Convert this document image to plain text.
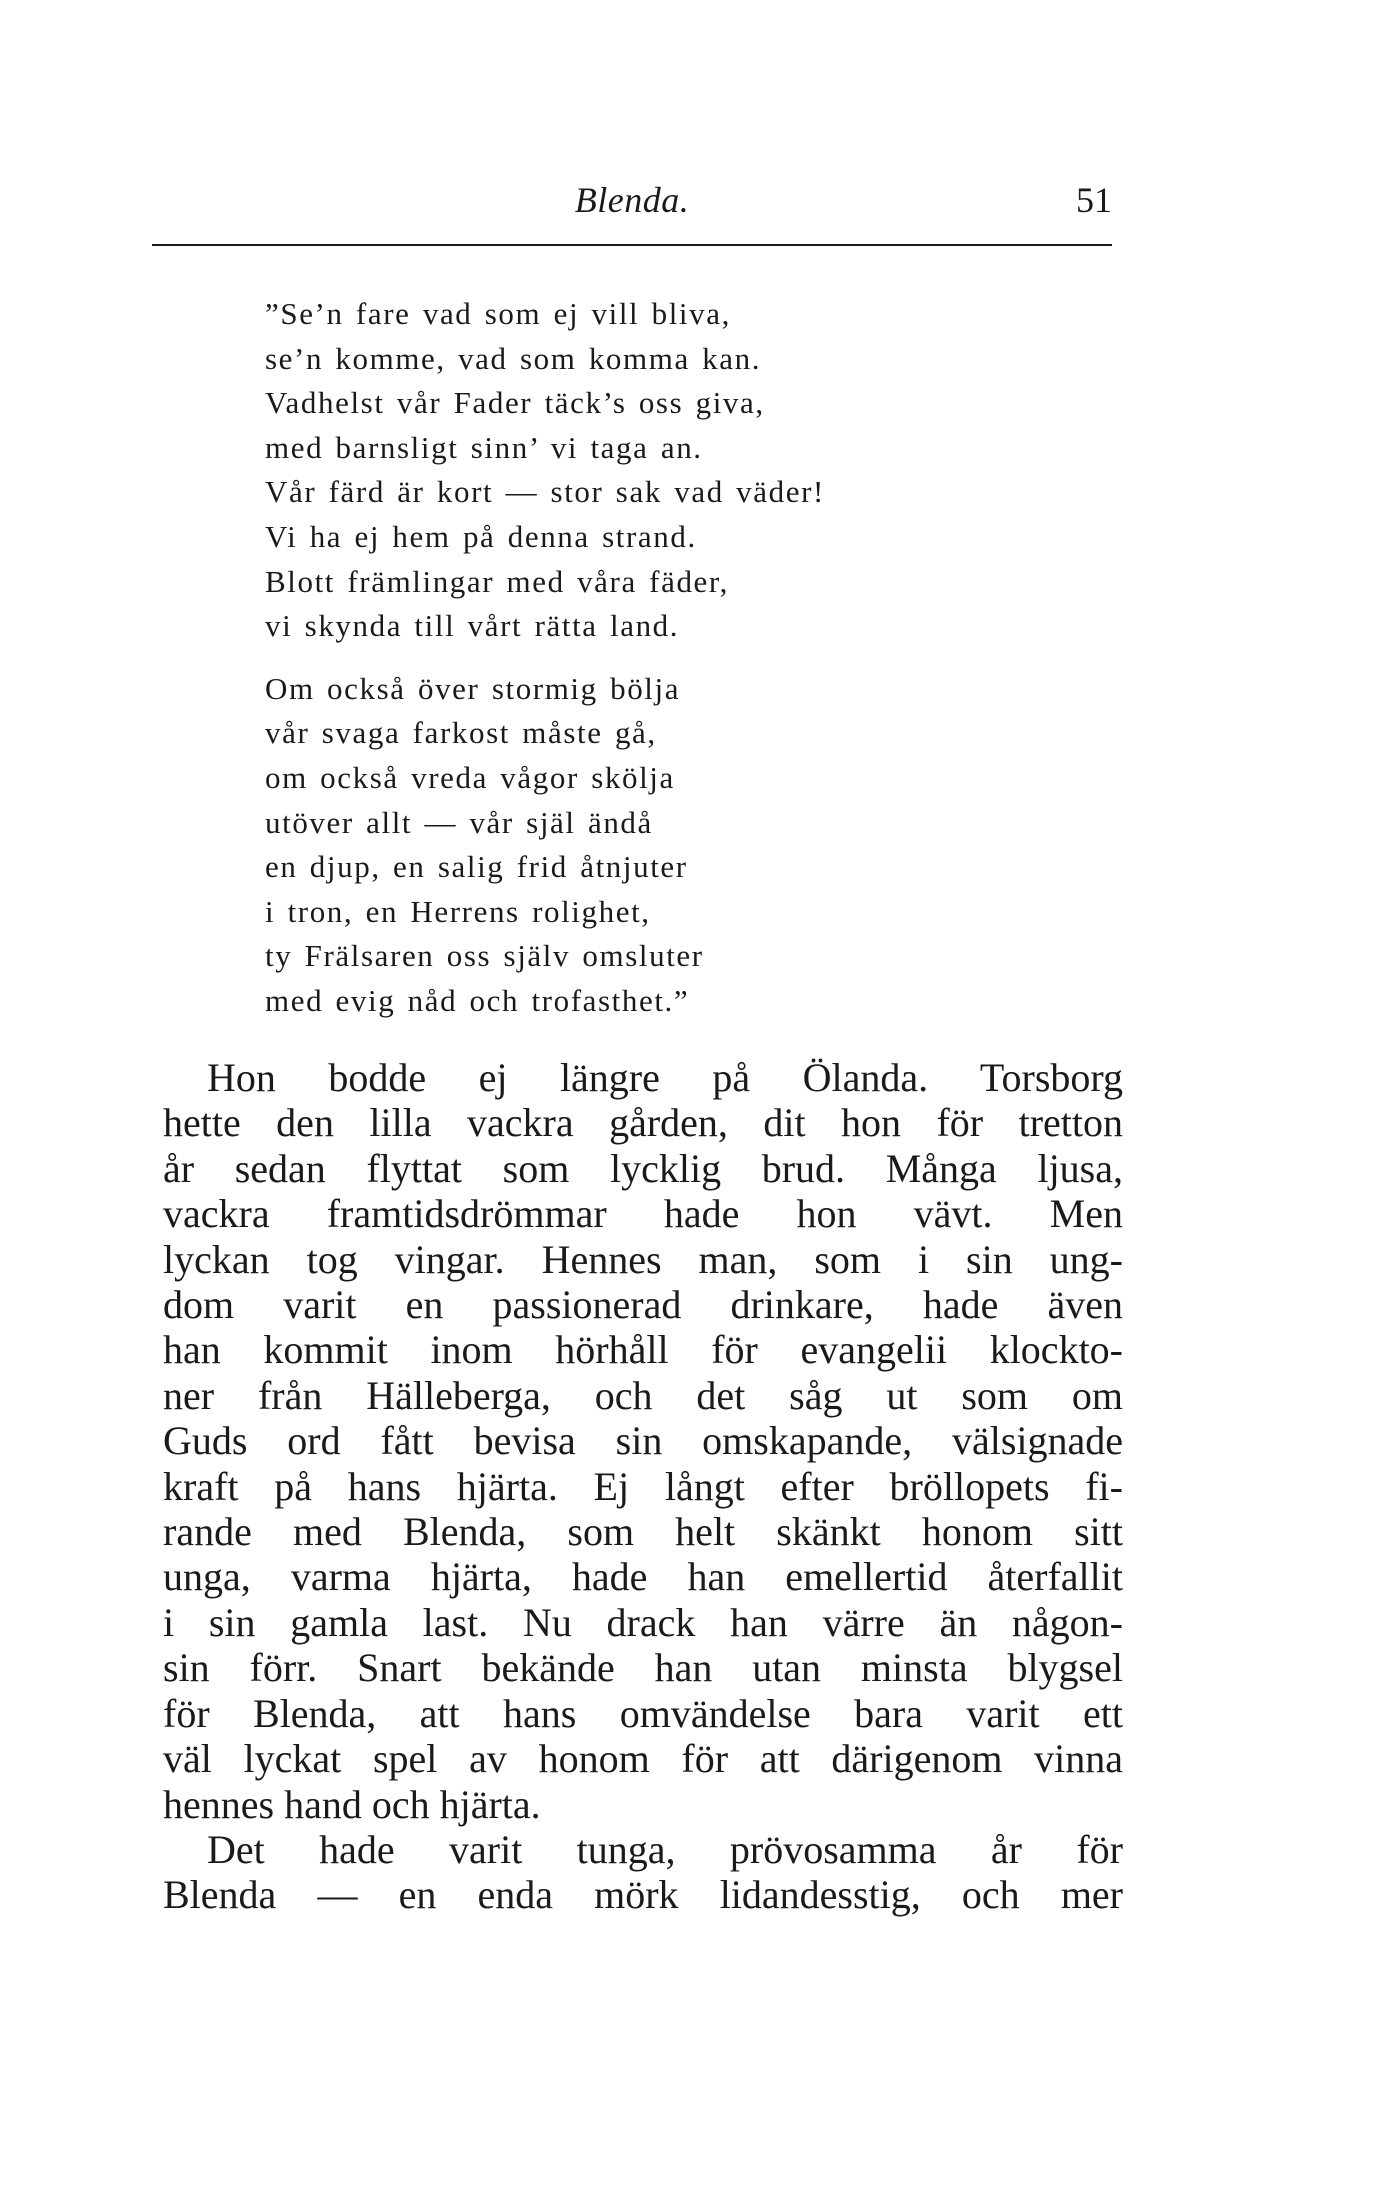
Blenda.	51
”Se’n fare vad som ej vill bliva,
se’n komme, vad som komma kan.
Vadhelst vår Fader täck’s oss giva,
med barnsligt sinn’ vi taga an.
Vår färd är kort — stor sak vad väder!
Vi ha ej hem på denna strand.
Blott främlingar med våra fäder,
vi skynda till vårt rätta land.
Om också över stormig bölja
vår svaga farkost måste gå,
om också vreda vågor skölja
utöver allt — vår själ ändå
en djup, en salig frid åtnjuter
i tron, en Herrens rolighet,
ty Frälsaren oss själv omsluter
med evig nåd och trofasthet.”
Hon bodde ej längre på Ölanda. Torsborg
hette den lilla vackra gården, dit hon för tretton
år sedan flyttat som lycklig brud. Många ljusa,
vackra framtidsdrömmar hade hon vävt. Men
lyckan tog vingar. Hennes man, som i sin ung-
dom varit en passionerad drinkare, hade även
han kommit inom hörhåll för evangelii klockto-
ner från Hälleberga, och det såg ut som om
Guds ord fått bevisa sin omskapande, välsignade
kraft på hans hjärta. Ej långt efter bröllopets fi-
rande med Blenda, som helt skänkt honom sitt
unga, varma hjärta, hade han emellertid återfallit
i sin gamla last. Nu drack han värre än någon-
sin förr. Snart bekände han utan minsta blygsel
för Blenda, att hans omvändelse bara varit ett
väl lyckat spel av honom för att därigenom vinna
hennes hand och hjärta.
Det hade varit tunga, prövosamma år för
Blenda — en enda mörk lidandesstig, och mer
